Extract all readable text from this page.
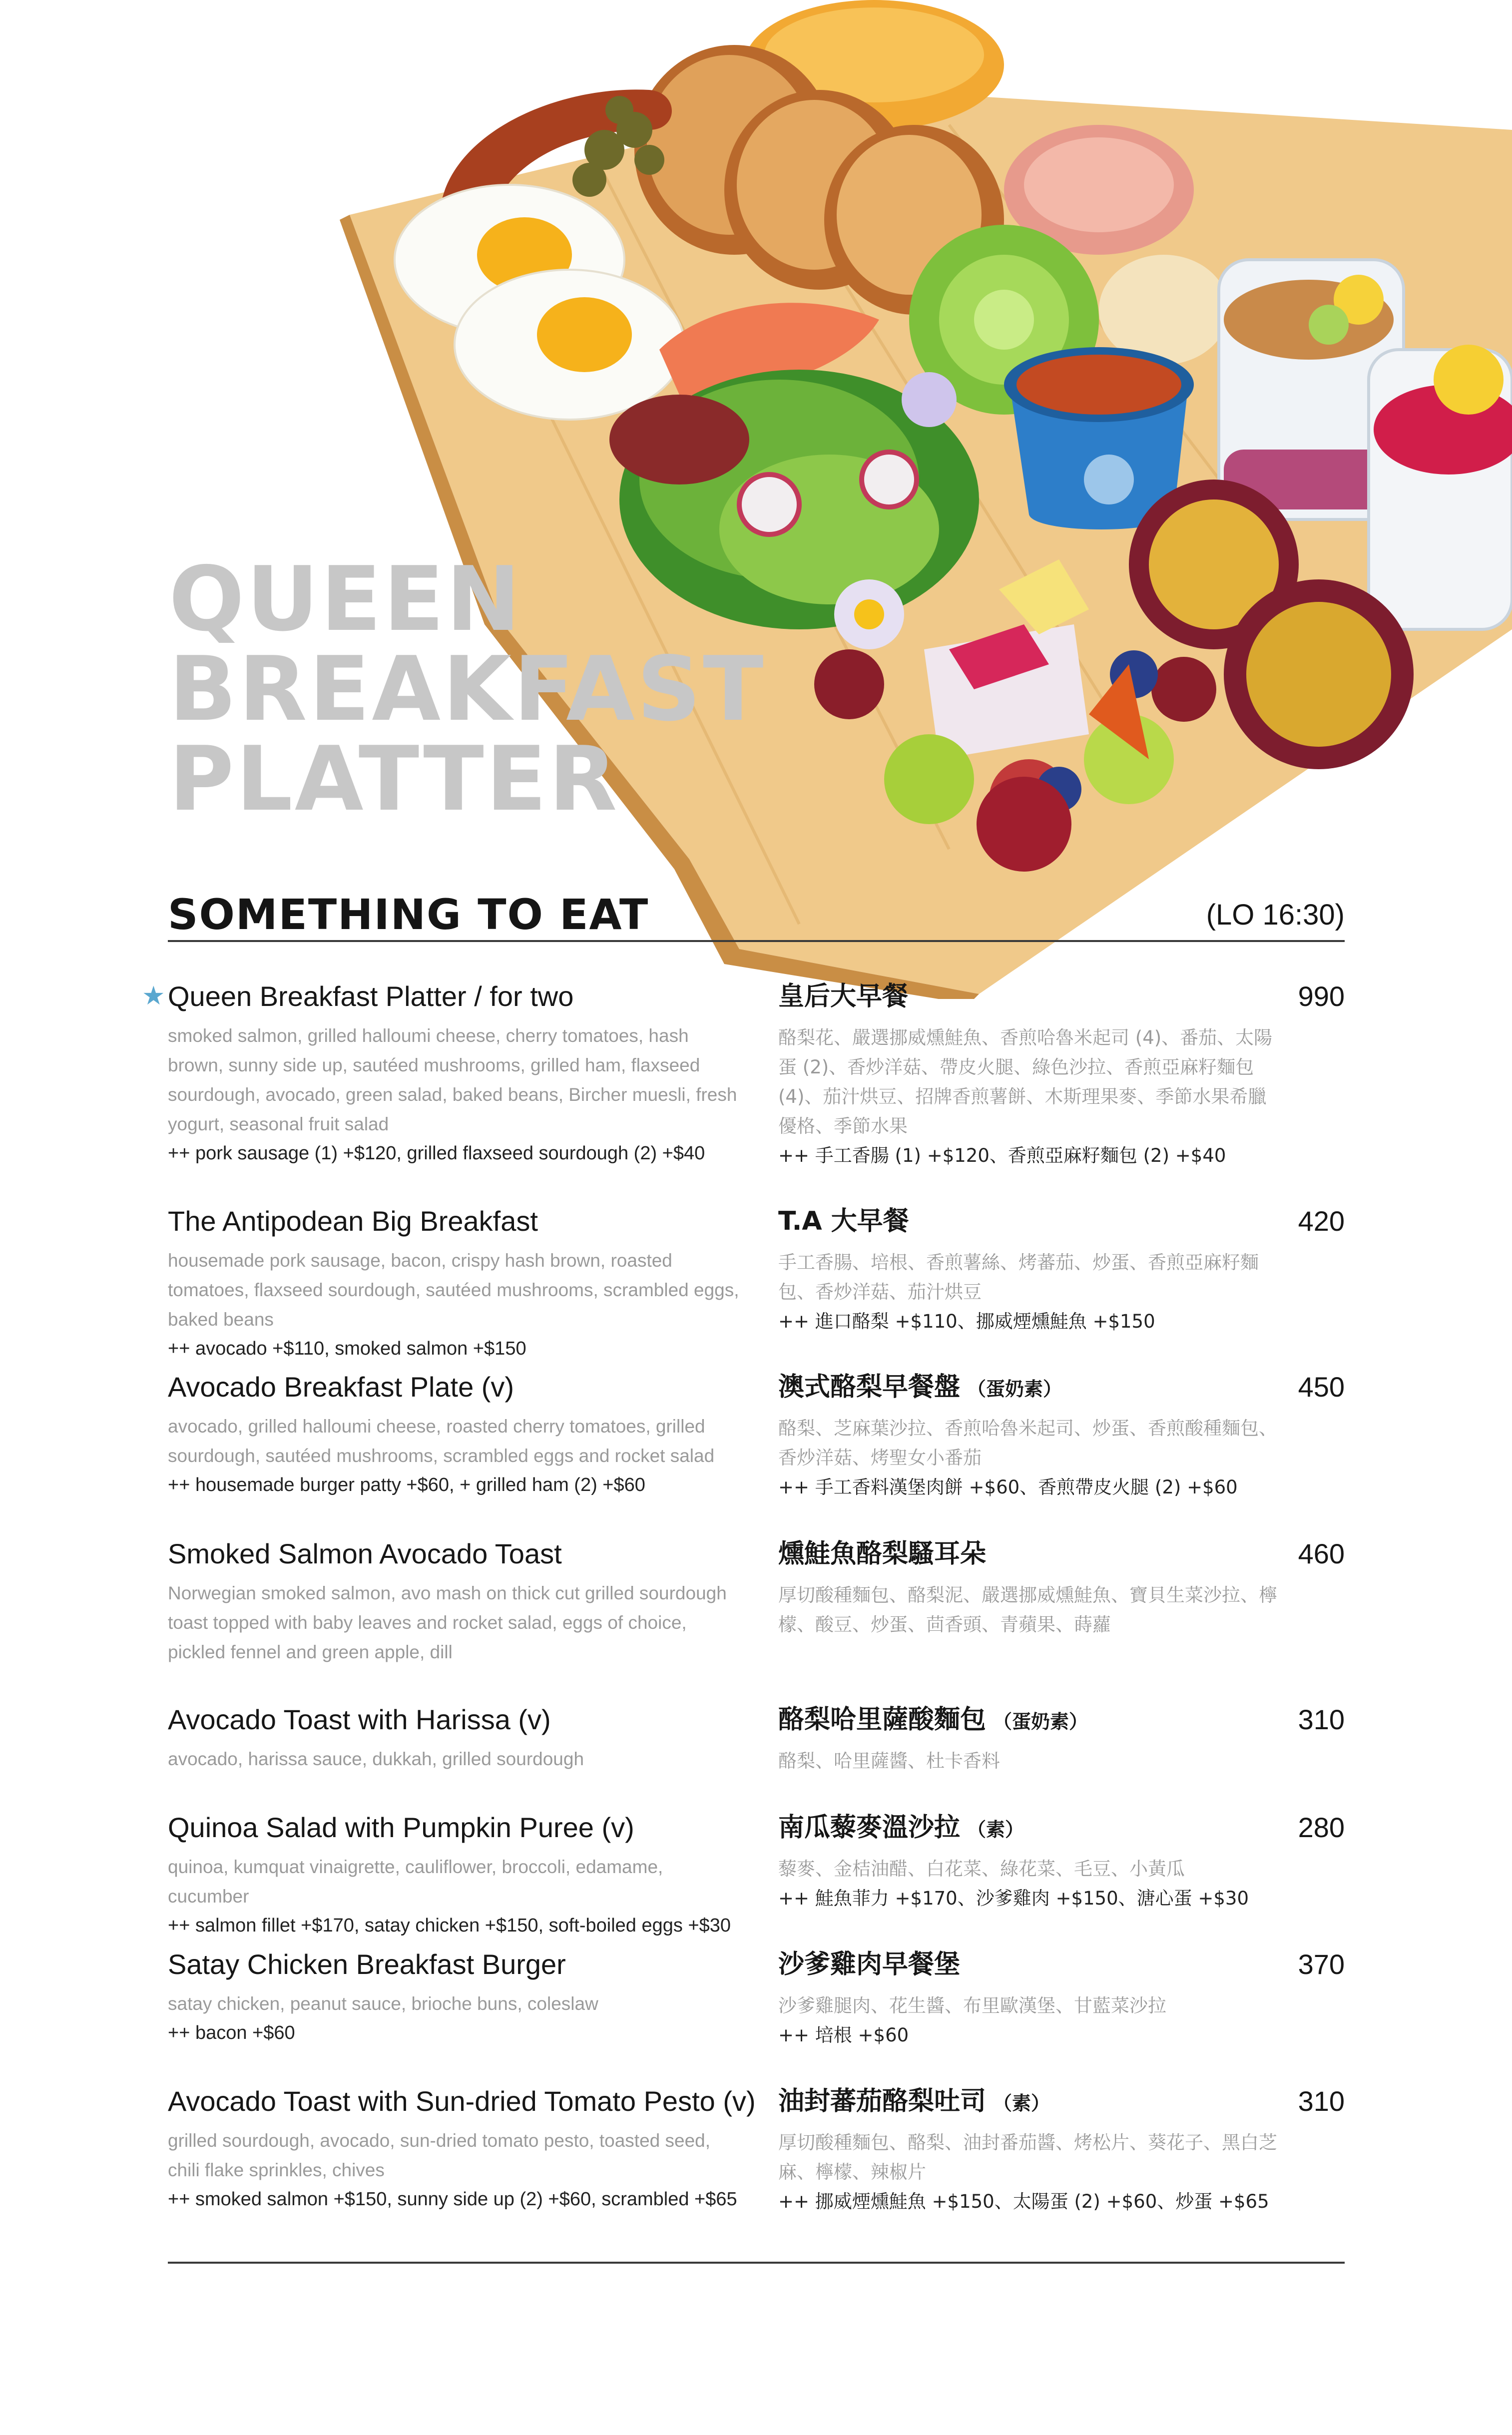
QUEEN
BREAKFAST
PLATTER
SOMETHING TO EAT	(LO 16:30)
★ Queen Breakfast Platter / for two
smoked salmon, grilled halloumi cheese, cherry tomatoes, hash brown, sunny side up, sautéed mushrooms, grilled ham, flaxseed sourdough, avocado, green salad, baked beans, Bircher muesli, fresh yogurt, seasonal fruit salad
++ pork sausage (1) +$120, grilled flaxseed sourdough (2) +$40
皇后大早餐
酪梨花、嚴選挪威燻鮭魚、香煎哈魯米起司 (4)、番茄、太陽蛋 (2)、香炒洋菇、帶皮火腿、綠色沙拉、香煎亞麻籽麵包 (4)、茄汁烘豆、招牌香煎薯餅、木斯理果麥、季節水果希臘優格、季節水果
++ 手工香腸 (1) +$120、香煎亞麻籽麵包 (2) +$40
990
The Antipodean Big Breakfast
housemade pork sausage, bacon, crispy hash brown, roasted tomatoes, flaxseed sourdough, sautéed mushrooms, scrambled eggs, baked beans
++ avocado +$110, smoked salmon +$150
T.A 大早餐
手工香腸、培根、香煎薯絲、烤蕃茄、炒蛋、香煎亞麻籽麵包、香炒洋菇、茄汁烘豆
++ 進口酪梨 +$110、挪威煙燻鮭魚 +$150
420
Avocado Breakfast Plate (v)
avocado, grilled halloumi cheese, roasted cherry tomatoes, grilled sourdough, sautéed mushrooms, scrambled eggs and rocket salad
++ housemade burger patty +$60, + grilled ham (2) +$60
澳式酪梨早餐盤 （蛋奶素）
酪梨、芝麻葉沙拉、香煎哈魯米起司、炒蛋、香煎酸種麵包、香炒洋菇、烤聖女小番茄
++ 手工香料漢堡肉餅 +$60、香煎帶皮火腿 (2) +$60
450
Smoked Salmon Avocado Toast
Norwegian smoked salmon, avo mash on thick cut grilled sourdough toast topped with baby leaves and rocket salad, eggs of choice, pickled fennel and green apple, dill
燻鮭魚酪梨騷耳朵
厚切酸種麵包、酪梨泥、嚴選挪威燻鮭魚、寶貝生菜沙拉、檸檬、酸豆、炒蛋、茴香頭、青蘋果、蒔蘿
460
Avocado Toast with Harissa (v)
avocado, harissa sauce, dukkah, grilled sourdough
酪梨哈里薩酸麵包 （蛋奶素）
酪梨、哈里薩醬、杜卡香料
310
Quinoa Salad with Pumpkin Puree (v)
quinoa, kumquat vinaigrette, cauliflower, broccoli, edamame, cucumber
++ salmon fillet +$170, satay chicken +$150, soft-boiled eggs +$30
南瓜藜麥溫沙拉 （素）
藜麥、金桔油醋、白花菜、綠花菜、毛豆、小黃瓜
++ 鮭魚菲力 +$170、沙爹雞肉 +$150、溏心蛋 +$30
280
Satay Chicken Breakfast Burger
satay chicken, peanut sauce, brioche buns, coleslaw
++ bacon +$60
沙爹雞肉早餐堡
沙爹雞腿肉、花生醬、布里歐漢堡、甘藍菜沙拉
++ 培根 +$60
370
Avocado Toast with Sun-dried Tomato Pesto (v)
grilled sourdough, avocado, sun-dried tomato pesto, toasted seed, chili flake sprinkles, chives
++ smoked salmon +$150, sunny side up (2) +$60, scrambled +$65
油封蕃茄酪梨吐司 （素）
厚切酸種麵包、酪梨、油封番茄醬、烤松片、葵花子、黑白芝麻、檸檬、辣椒片
++ 挪威煙燻鮭魚 +$150、太陽蛋 (2) +$60、炒蛋 +$65
310
